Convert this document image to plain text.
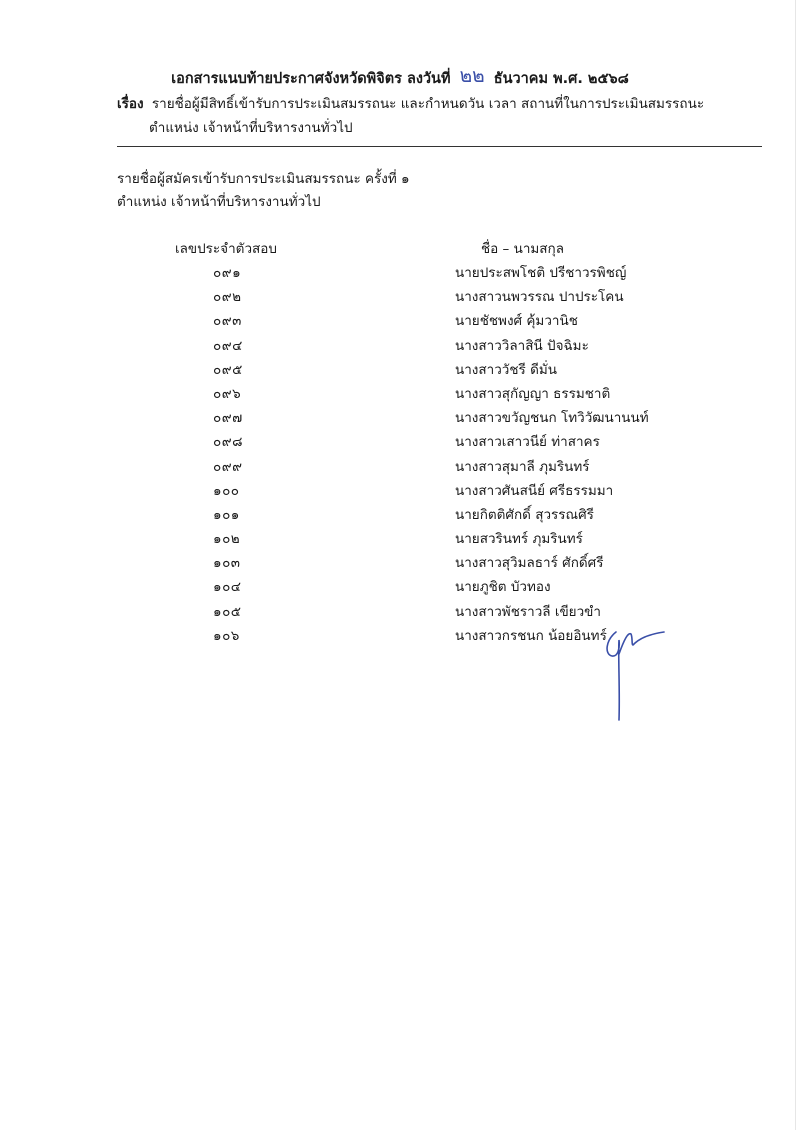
เอกสารแนบท้ายประกาศจังหวัดพิจิตร ลงวันที่ ๒๒ ธันวาคม พ.ศ. ๒๕๖๘
เรื่อง รายชื่อผู้มีสิทธิ์เข้ารับการประเมินสมรรถนะ และกำหนดวัน เวลา สถานที่ในการประเมินสมรรถนะ
ตำแหน่ง เจ้าหน้าที่บริหารงานทั่วไป
รายชื่อผู้สมัครเข้ารับการประเมินสมรรถนะ ครั้งที่ ๑
ตำแหน่ง เจ้าหน้าที่บริหารงานทั่วไป
เลขประจำตัวสอบ	ชื่อ – นามสกุล
๐๙๑	นายประสพโชติ ปรีชาวรพิชญ์
๐๙๒	นางสาวนพวรรณ ปาประโคน
๐๙๓	นายชัชพงศ์ คุ้มวานิช
๐๙๔	นางสาววิลาสินี ปัจฉิมะ
๐๙๕	นางสาววัชรี ดีมั่น
๐๙๖	นางสาวสุกัญญา ธรรมชาติ
๐๙๗	นางสาวขวัญชนก โทวิวัฒนานนท์
๐๙๘	นางสาวเสาวนีย์ ท่าสาคร
๐๙๙	นางสาวสุมาลี ภุมรินทร์
๑๐๐	นางสาวศันสนีย์ ศรีธรรมมา
๑๐๑	นายกิตติศักดิ์ สุวรรณศิรี
๑๐๒	นายสวรินทร์ ภุมรินทร์
๑๐๓	นางสาวสุวิมลธาร์ ศักดิ์ศรี
๑๐๔	นายภูชิต บัวทอง
๑๐๕	นางสาวพัชราวลี เขียวขำ
๑๐๖	นางสาวกรชนก น้อยอินทร์
